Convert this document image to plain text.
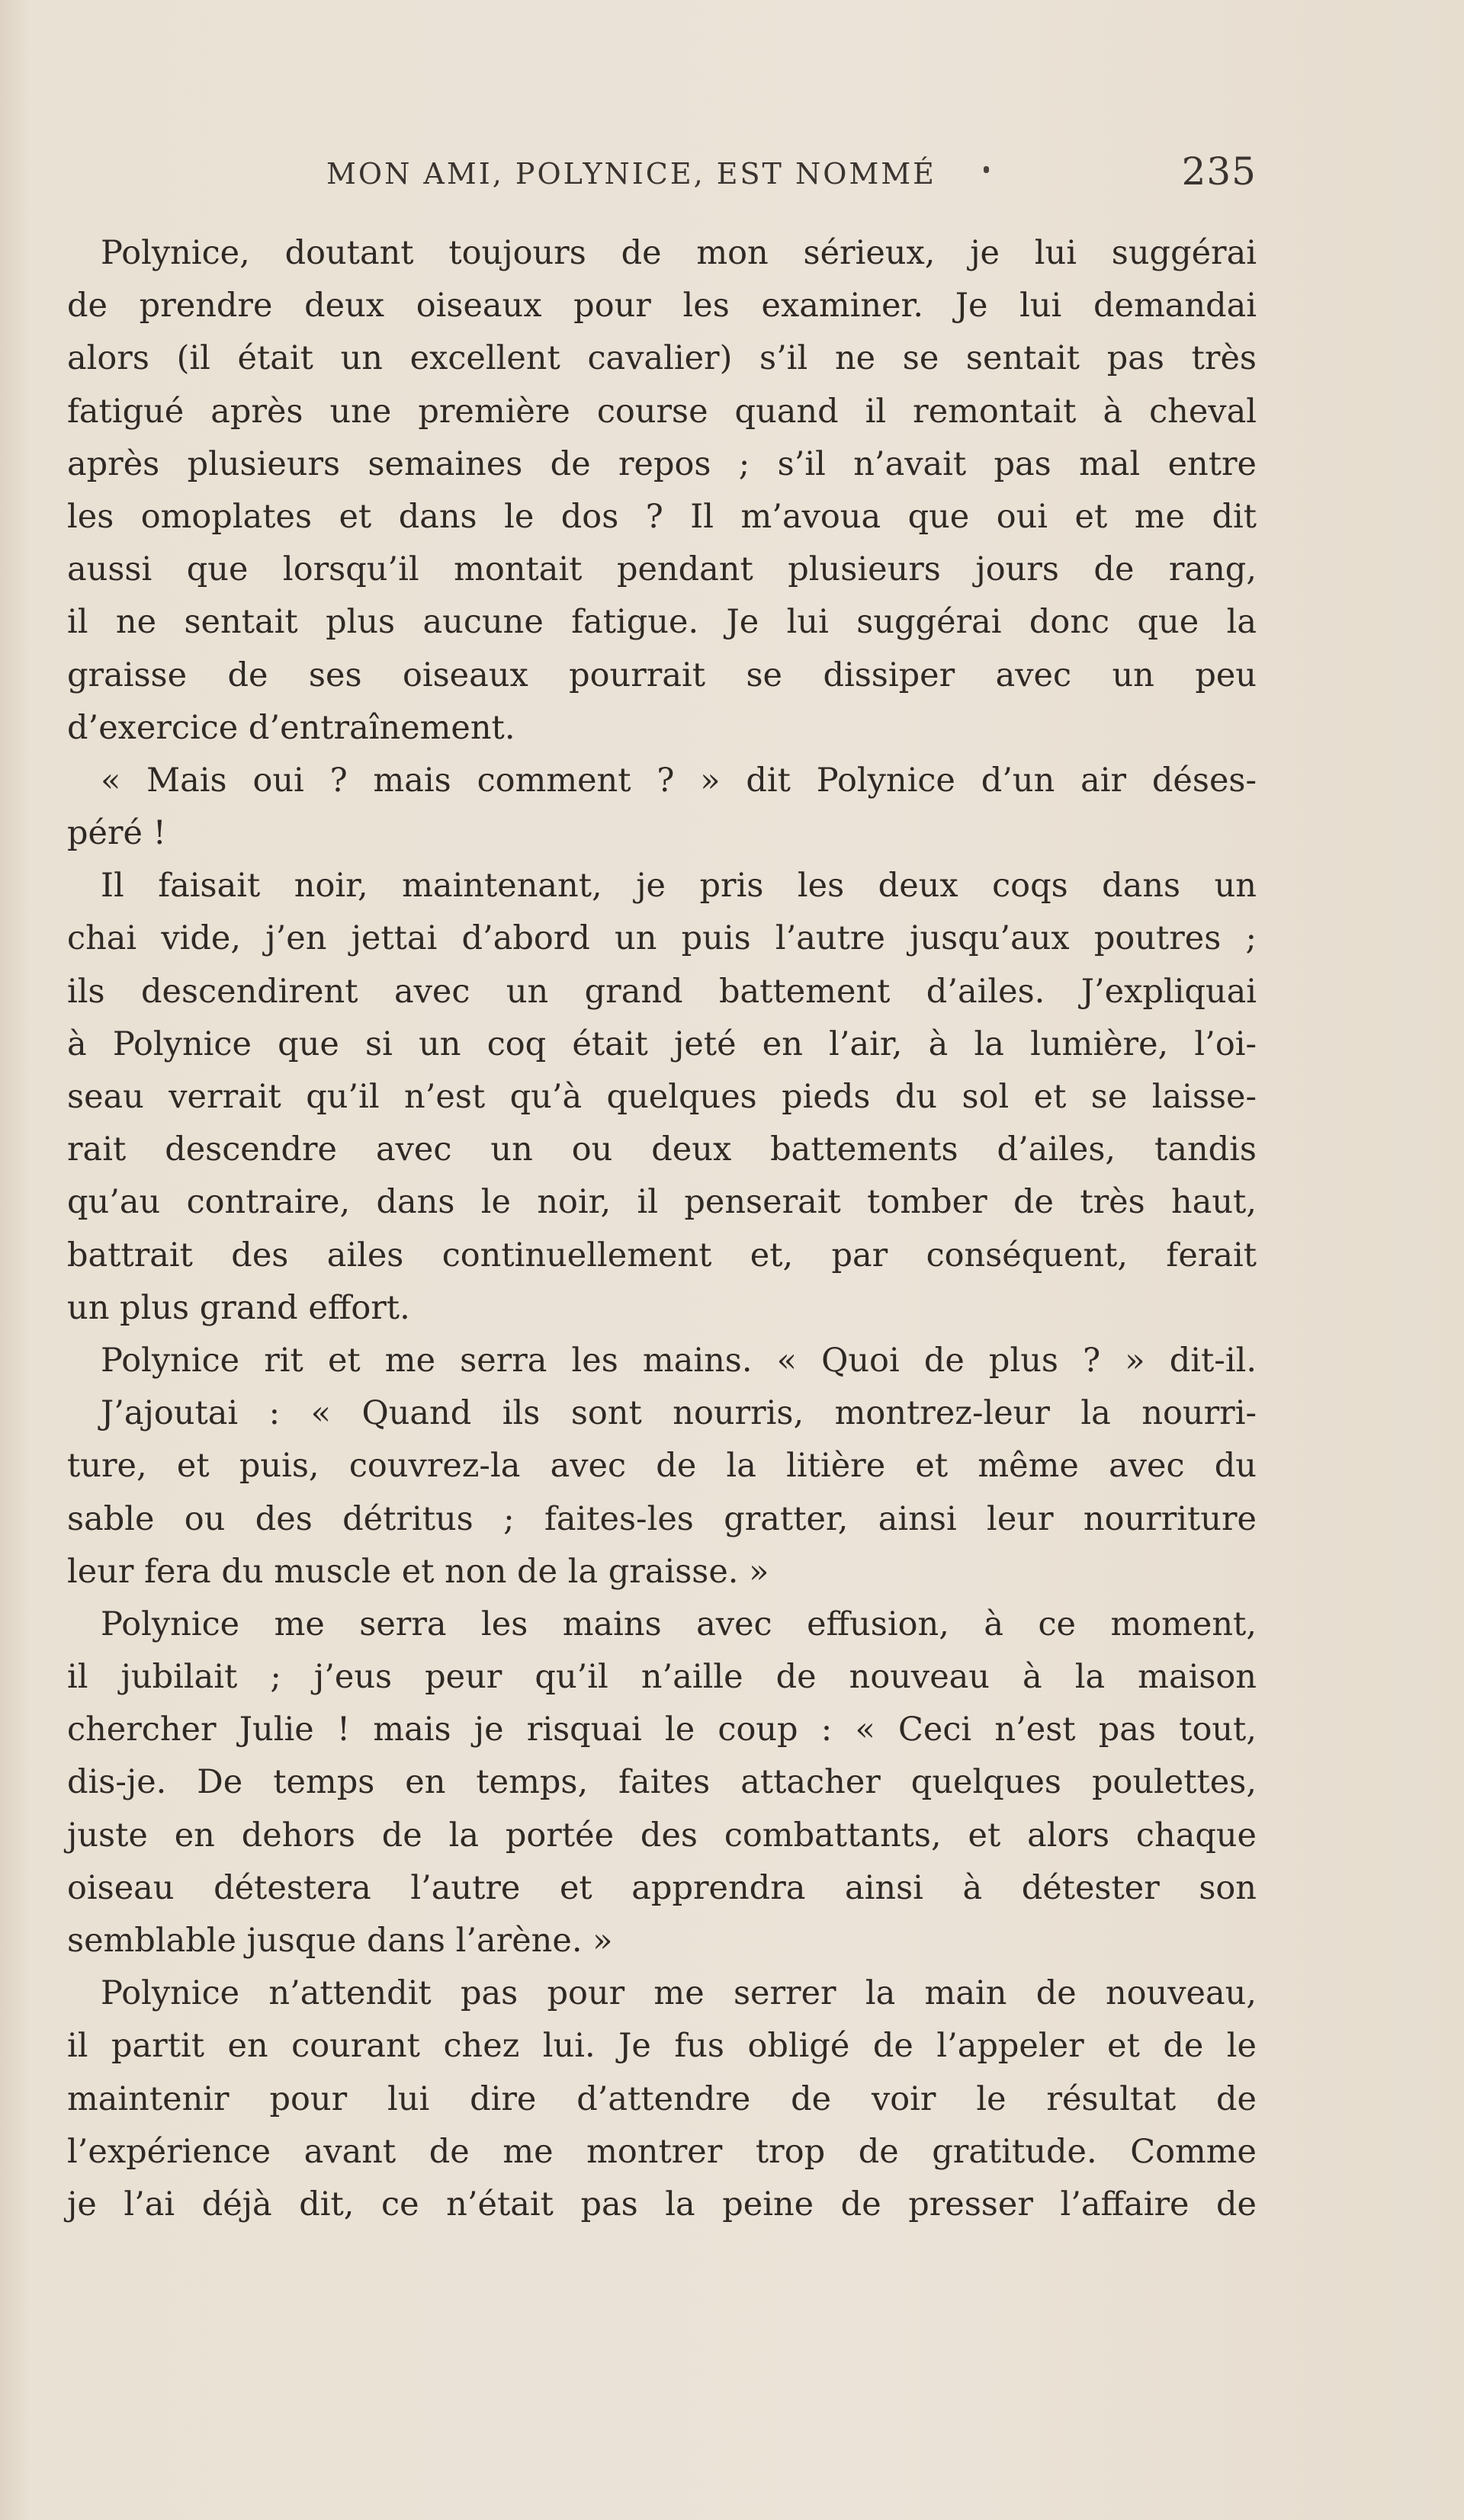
MON AMI, POLYNICE, EST NOMMÉ	235
Polynice, doutant toujours de mon sérieux, je lui suggérai
de prendre deux oiseaux pour les examiner. Je lui demandai
alors (il était un excellent cavalier) s’il ne se sentait pas très
fatigué après une première course quand il remontait à cheval
après plusieurs semaines de repos ; s’il n’avait pas mal entre
les omoplates et dans le dos ? Il m’avoua que oui et me dit
aussi que lorsqu’il montait pendant plusieurs jours de rang,
il ne sentait plus aucune fatigue. Je lui suggérai donc que la
graisse de ses oiseaux pourrait se dissiper avec un peu
d’exercice d’entraînement.
« Mais oui ? mais comment ? » dit Polynice d’un air déses-
péré !
Il faisait noir, maintenant, je pris les deux coqs dans un
chai vide, j’en jettai d’abord un puis l’autre jusqu’aux poutres ;
ils descendirent avec un grand battement d’ailes. J’expliquai
à Polynice que si un coq était jeté en l’air, à la lumière, l’oi-
seau verrait qu’il n’est qu’à quelques pieds du sol et se laisse-
rait descendre avec un ou deux battements d’ailes, tandis
qu’au contraire, dans le noir, il penserait tomber de très haut,
battrait des ailes continuellement et, par conséquent, ferait
un plus grand effort.
Polynice rit et me serra les mains. « Quoi de plus ? » dit-il.
J’ajoutai : « Quand ils sont nourris, montrez-leur la nourri-
ture, et puis, couvrez-la avec de la litière et même avec du
sable ou des détritus ; faites-les gratter, ainsi leur nourriture
leur fera du muscle et non de la graisse. »
Polynice me serra les mains avec effusion, à ce moment,
il jubilait ; j’eus peur qu’il n’aille de nouveau à la maison
chercher Julie ! mais je risquai le coup : « Ceci n’est pas tout,
dis-je. De temps en temps, faites attacher quelques poulettes,
juste en dehors de la portée des combattants, et alors chaque
oiseau détestera l’autre et apprendra ainsi à détester son
semblable jusque dans l’arène. »
Polynice n’attendit pas pour me serrer la main de nouveau,
il partit en courant chez lui. Je fus obligé de l’appeler et de le
maintenir pour lui dire d’attendre de voir le résultat de
l’expérience avant de me montrer trop de gratitude. Comme
je l’ai déjà dit, ce n’était pas la peine de presser l’affaire de
